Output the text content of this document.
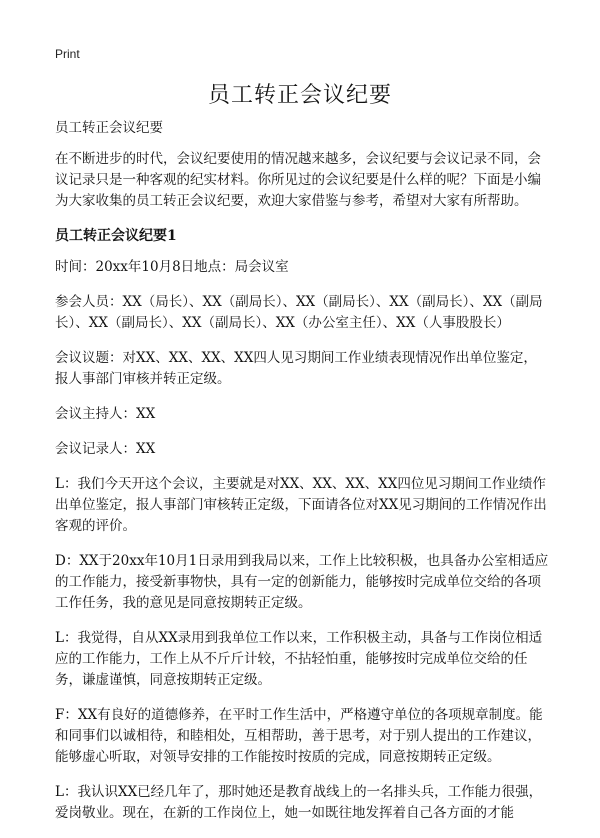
Print
员工转正会议纪要

员工转正会议纪要

在不断进步的时代，会议纪要使用的情况越来越多，会议纪要与会议记录不同，会议记录只是一种客观的纪实材料。你所见过的会议纪要是什么样的呢？下面是小编为大家收集的员工转正会议纪要，欢迎大家借鉴与参考，希望对大家有所帮助。

员工转正会议纪要1

时间：20xx年10月8日地点：局会议室

参会人员：XX（局长）、XX（副局长）、XX（副局长）、XX（副局长）、XX（副局长）、XX（副局长）、XX（副局长）、XX（办公室主任）、XX（人事股股长）

会议议题：对XX、XX、XX、XX四人见习期间工作业绩表现情况作出单位鉴定，报人事部门审核并转正定级。

会议主持人：XX

会议记录人：XX

L：我们今天开这个会议，主要就是对XX、XX、XX、XX四位见习期间工作业绩作出单位鉴定，报人事部门审核转正定级，下面请各位对XX见习期间的工作情况作出客观的评价。

D：XX于20xx年10月1日录用到我局以来，工作上比较积极，也具备办公室相适应的工作能力，接受新事物快，具有一定的创新能力，能够按时完成单位交给的各项工作任务，我的意见是同意按期转正定级。

L：我觉得，自从XX录用到我单位工作以来，工作积极主动，具备与工作岗位相适应的工作能力，工作上从不斤斤计较，不拈轻怕重，能够按时完成单位交给的任务，谦虚谨慎，同意按期转正定级。

F：XX有良好的道德修养，在平时工作生活中，严格遵守单位的各项规章制度。能和同事们以诚相待，和睦相处，互相帮助，善于思考，对于别人提出的工作建议，能够虚心听取，对领导安排的工作能按时按质的完成，同意按期转正定级。

L：我认识XX已经几年了，那时她还是教育战线上的一名排头兵，工作能力很强，爱岗敬业。现在，在新的工作岗位上，她一如既往地发挥着自己各方面的才能
